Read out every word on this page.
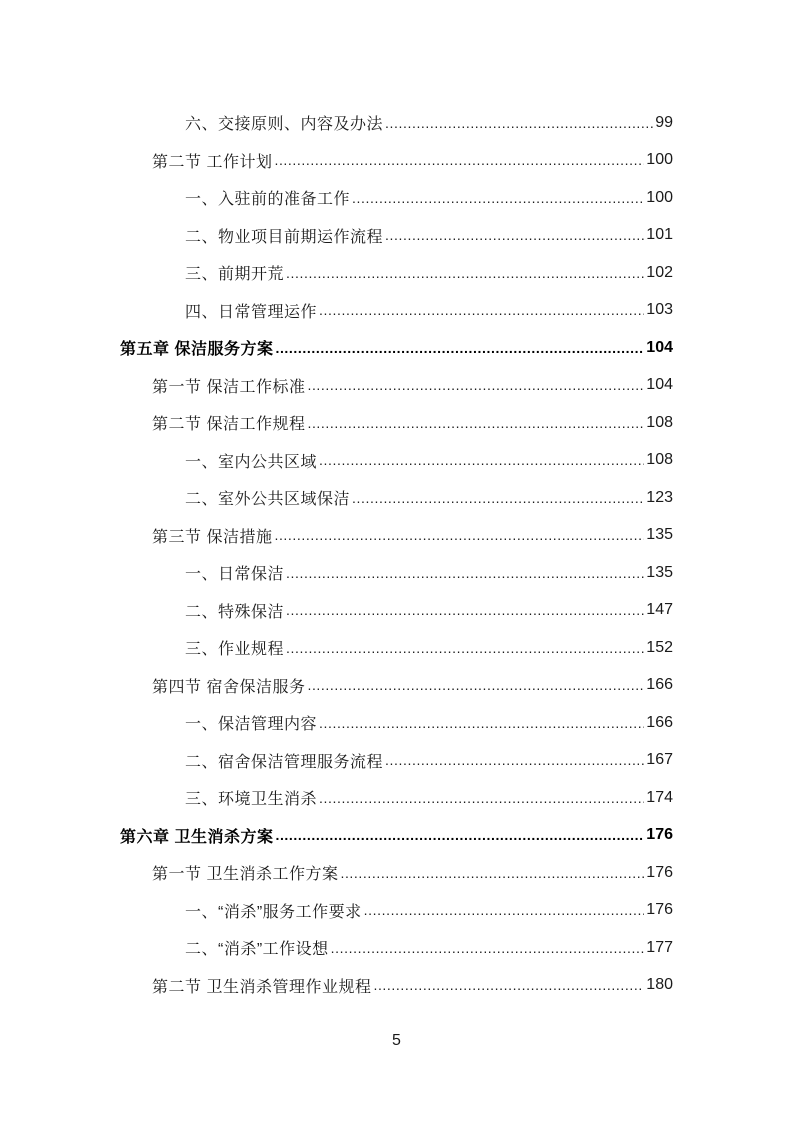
六、交接原则、内容及办法 .....	99
第二节 工作计划 .....	100
一、入驻前的准备工作 .....	100
二、物业项目前期运作流程 .....	101
三、前期开荒 .....	102
四、日常管理运作 .....	103
第五章 保洁服务方案 .....	104
第一节 保洁工作标准 .....	104
第二节 保洁工作规程 .....	108
一、室内公共区域 .....	108
二、室外公共区域保洁 .....	123
第三节 保洁措施 .....	135
一、日常保洁 .....	135
二、特殊保洁 .....	147
三、作业规程 .....	152
第四节 宿舍保洁服务 .....	166
一、保洁管理内容 .....	166
二、宿舍保洁管理服务流程 .....	167
三、环境卫生消杀 .....	174
第六章 卫生消杀方案 .....	176
第一节 卫生消杀工作方案 .....	176
一、“消杀”服务工作要求 .....	176
二、“消杀”工作设想 .....	177
第二节 卫生消杀管理作业规程 .....	180
5
